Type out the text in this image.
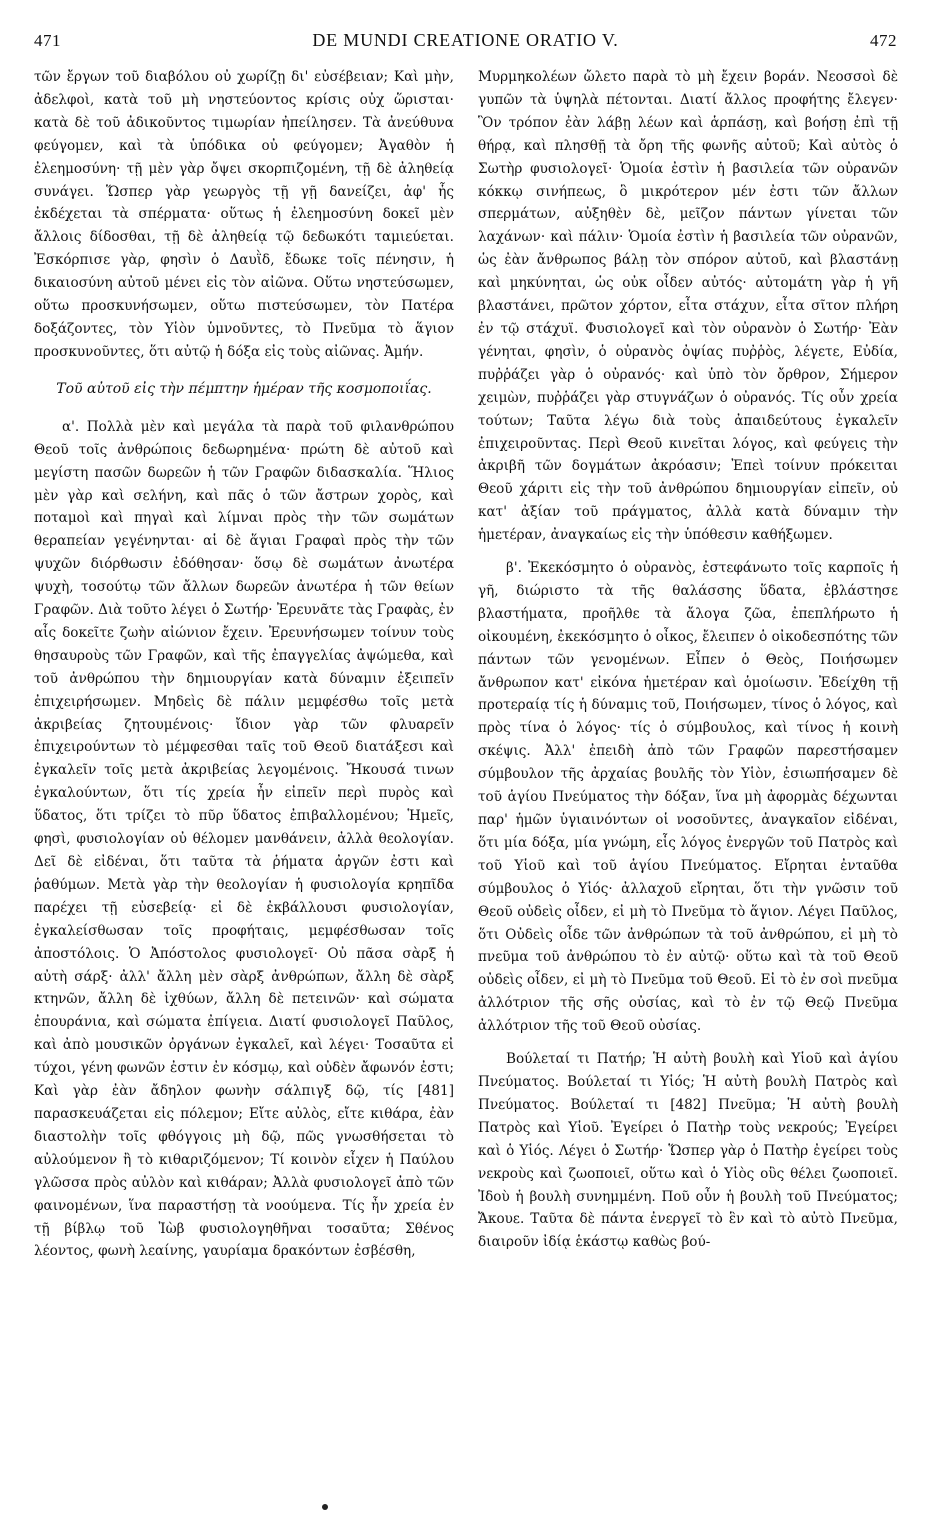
471	DE MUNDI CREATIONE ORATIO V.	472

τῶν ἔργων τοῦ διαβόλου οὐ χωρίζῃ δι' εὐσέβειαν; Καὶ μὴν, ἀδελφοὶ, κατὰ τοῦ μὴ νηστεύοντος κρίσις οὐχ ὥρισται· κατὰ δὲ τοῦ ἀδικοῦντος τιμωρίαν ἠπείλησεν. Τὰ ἀνεύθυνα φεύγομεν, καὶ τὰ ὑπόδικα οὐ φεύγομεν; Ἀγαθὸν ἡ ἐλεημοσύνη· τῇ μὲν γὰρ ὄψει σκορπιζομένη, τῇ δὲ ἀληθείᾳ συνάγει. Ὥσπερ γὰρ γεωργὸς τῇ γῇ δανείζει, ἀφ' ἧς ἐκδέχεται τὰ σπέρματα· οὕτως ἡ ἐλεημοσύνη δοκεῖ μὲν ἄλλοις δίδοσθαι, τῇ δὲ ἀληθείᾳ τῷ δεδωκότι ταμιεύεται. Ἐσκόρπισε γὰρ, φησὶν ὁ Δαυῒδ, ἔδωκε τοῖς πένησιν, ἡ δικαιοσύνη αὐτοῦ μένει εἰς τὸν αἰῶνα. Οὕτω νηστεύσωμεν, οὕτω προσκυνήσωμεν, οὕτω πιστεύσωμεν, τὸν Πατέρα δοξάζοντες, τὸν Υἱὸν ὑμνοῦντες, τὸ Πνεῦμα τὸ ἅγιον προσκυνοῦντες, ὅτι αὐτῷ ἡ δόξα εἰς τοὺς αἰῶνας. Ἀμήν.

Τοῦ αὐτοῦ εἰς τὴν πέμπτην ἡμέραν τῆς κοσμοποιΐας.

α'. Πολλὰ μὲν καὶ μεγάλα τὰ παρὰ τοῦ φιλανθρώπου Θεοῦ τοῖς ἀνθρώποις δεδωρημένα· πρώτη δὲ αὐτοῦ καὶ μεγίστη πασῶν δωρεῶν ἡ τῶν Γραφῶν διδασκαλία. Ἥλιος μὲν γὰρ καὶ σελήνη, καὶ πᾶς ὁ τῶν ἄστρων χορὸς, καὶ ποταμοὶ καὶ πηγαὶ καὶ λίμναι πρὸς τὴν τῶν σωμάτων θεραπείαν γεγένηνται· αἱ δὲ ἅγιαι Γραφαὶ πρὸς τὴν τῶν ψυχῶν διόρθωσιν ἐδόθησαν· ὅσῳ δὲ σωμάτων ἀνωτέρα ψυχὴ, τοσούτῳ τῶν ἄλλων δωρεῶν ἀνωτέρα ἡ τῶν θείων Γραφῶν. Διὰ τοῦτο λέγει ὁ Σωτήρ· Ἐρευνᾶτε τὰς Γραφὰς, ἐν αἷς δοκεῖτε ζωὴν αἰώνιον ἔχειν. Ἐρευνήσωμεν τοίνυν τοὺς θησαυροὺς τῶν Γραφῶν, καὶ τῆς ἐπαγγελίας ἀψώμεθα, καὶ τοῦ ἀνθρώπου τὴν δημιουργίαν κατὰ δύναμιν ἐξειπεῖν ἐπιχειρήσωμεν. Μηδεὶς δὲ πάλιν μεμφέσθω τοῖς μετὰ ἀκριβείας ζητουμένοις· ἴδιον γὰρ τῶν φλυαρεῖν ἐπιχειρούντων τὸ μέμφεσθαι ταῖς τοῦ Θεοῦ διατάξεσι καὶ ἐγκαλεῖν τοῖς μετὰ ἀκριβείας λεγομένοις. Ἤκουσά τινων ἐγκαλούντων, ὅτι τίς χρεία ἦν εἰπεῖν περὶ πυρὸς καὶ ὕδατος, ὅτι τρίζει τὸ πῦρ ὕδατος ἐπιβαλλομένου; Ἡμεῖς, φησὶ, φυσιολογίαν οὐ θέλομεν μανθάνειν, ἀλλὰ θεολογίαν. Δεῖ δὲ εἰδέναι, ὅτι ταῦτα τὰ ῥήματα ἀργῶν ἐστι καὶ ῥαθύμων. Μετὰ γὰρ τὴν θεολογίαν ἡ φυσιολογία κρηπῖδα παρέχει τῇ εὐσεβείᾳ· εἰ δὲ ἐκβάλλουσι φυσιολογίαν, ἐγκαλείσθωσαν τοῖς προφήταις, μεμφέσθωσαν τοῖς ἀποστόλοις. Ὁ Ἀπόστολος φυσιολογεῖ· Οὐ πᾶσα σὰρξ ἡ αὐτὴ σάρξ· ἀλλ' ἄλλη μὲν σὰρξ ἀνθρώπων, ἄλλη δὲ σὰρξ κτηνῶν, ἄλλη δὲ ἰχθύων, ἄλλη δὲ πετεινῶν· καὶ σώματα ἐπουράνια, καὶ σώματα ἐπίγεια. Διατί φυσιολογεῖ Παῦλος, καὶ ἀπὸ μουσικῶν ὀργάνων ἐγκαλεῖ, καὶ λέγει· Τοσαῦτα εἰ τύχοι, γένη φωνῶν ἐστιν ἐν κόσμῳ, καὶ οὐδὲν ἄφωνόν ἐστι; Καὶ γὰρ ἐὰν ἄδηλον φωνὴν σάλπιγξ δῷ, τίς [481] παρασκευάζεται εἰς πόλεμον; Εἴτε αὐλὸς, εἴτε κιθάρα, ἐὰν διαστολὴν τοῖς φθόγγοις μὴ δῷ, πῶς γνωσθήσεται τὸ αὐλούμενον ἢ τὸ κιθαριζόμενον; Τί κοινὸν εἶχεν ἡ Παύλου γλῶσσα πρὸς αὐλὸν καὶ κιθάραν; Ἀλλὰ φυσιολογεῖ ἀπὸ τῶν φαινομένων, ἵνα παραστήσῃ τὰ νοούμενα. Τίς ἦν χρεία ἐν τῇ βίβλῳ τοῦ Ἰὼβ φυσιολογηθῆναι τοσαῦτα; Σθένος λέοντος, φωνὴ λεαίνης, γαυρίαμα δρακόντων ἐσβέσθη,

Μυρμηκολέων ὤλετο παρὰ τὸ μὴ ἔχειν βοράν. Νεοσσοὶ δὲ γυπῶν τὰ ὑψηλὰ πέτονται. Διατί ἄλλος προφήτης ἔλεγεν· Ὃν τρόπον ἐὰν λάβῃ λέων καὶ ἁρπάσῃ, καὶ βοήσῃ ἐπὶ τῇ θήρᾳ, καὶ πλησθῇ τὰ ὄρη τῆς φωνῆς αὐτοῦ; Καὶ αὐτὸς ὁ Σωτὴρ φυσιολογεῖ· Ὁμοία ἐστὶν ἡ βασιλεία τῶν οὐρανῶν κόκκῳ σινήπεως, ὃ μικρότερον μέν ἐστι τῶν ἄλλων σπερμάτων, αὐξηθὲν δὲ, μεῖζον πάντων γίνεται τῶν λαχάνων· καὶ πάλιν· Ὁμοία ἐστὶν ἡ βασιλεία τῶν οὐρανῶν, ὡς ἐὰν ἄνθρωπος βάλῃ τὸν σπόρον αὐτοῦ, καὶ βλαστάνῃ καὶ μηκύνηται, ὡς οὐκ οἶδεν αὐτός· αὐτομάτη γὰρ ἡ γῆ βλαστάνει, πρῶτον χόρτον, εἶτα στάχυν, εἶτα σῖτον πλήρη ἐν τῷ στάχυϊ. Φυσιολογεῖ καὶ τὸν οὐρανὸν ὁ Σωτήρ· Ἐὰν γένηται, φησὶν, ὁ οὐρανὸς ὀψίας πυῤῥὸς, λέγετε, Εὐδία, πυῤῥάζει γὰρ ὁ οὐρανός· καὶ ὑπὸ τὸν ὄρθρον, Σήμερον χειμὼν, πυῤῥάζει γὰρ στυγνάζων ὁ οὐρανός. Τίς οὖν χρεία τούτων; Ταῦτα λέγω διὰ τοὺς ἀπαιδεύτους ἐγκαλεῖν ἐπιχειροῦντας. Περὶ Θεοῦ κινεῖται λόγος, καὶ φεύγεις τὴν ἀκριβῆ τῶν δογμάτων ἀκρόασιν; Ἐπεὶ τοίνυν πρόκειται Θεοῦ χάριτι εἰς τὴν τοῦ ἀνθρώπου δημιουργίαν εἰπεῖν, οὐ κατ' ἀξίαν τοῦ πράγματος, ἀλλὰ κατὰ δύναμιν τὴν ἡμετέραν, ἀναγκαίως εἰς τὴν ὑπόθεσιν καθήξωμεν.

β'. Ἐκεκόσμητο ὁ οὐρανὸς, ἐστεφάνωτο τοῖς καρποῖς ἡ γῆ, διώριστο τὰ τῆς θαλάσσης ὕδατα, ἐβλάστησε βλαστήματα, προῆλθε τὰ ἄλογα ζῶα, ἐπεπλήρωτο ἡ οἰκουμένη, ἐκεκόσμητο ὁ οἶκος, ἔλειπεν ὁ οἰκοδεσπότης τῶν πάντων τῶν γενομένων. Εἶπεν ὁ Θεὸς, Ποιήσωμεν ἄνθρωπον κατ' εἰκόνα ἡμετέραν καὶ ὁμοίωσιν. Ἐδείχθη τῇ προτεραίᾳ τίς ἡ δύναμις τοῦ, Ποιήσωμεν, τίνος ὁ λόγος, καὶ πρὸς τίνα ὁ λόγος· τίς ὁ σύμβουλος, καὶ τίνος ἡ κοινὴ σκέψις. Ἀλλ' ἐπειδὴ ἀπὸ τῶν Γραφῶν παρεστήσαμεν σύμβουλον τῆς ἀρχαίας βουλῆς τὸν Υἱὸν, ἐσιωπήσαμεν δὲ τοῦ ἁγίου Πνεύματος τὴν δόξαν, ἵνα μὴ ἀφορμὰς δέχωνται παρ' ἡμῶν ὑγιαινόντων οἱ νοσοῦντες, ἀναγκαῖον εἰδέναι, ὅτι μία δόξα, μία γνώμη, εἷς λόγος ἐνεργῶν τοῦ Πατρὸς καὶ τοῦ Υἱοῦ καὶ τοῦ ἁγίου Πνεύματος. Εἴρηται ἐνταῦθα σύμβουλος ὁ Υἱός· ἀλλαχοῦ εἴρηται, ὅτι τὴν γνῶσιν τοῦ Θεοῦ οὐδεὶς οἶδεν, εἰ μὴ τὸ Πνεῦμα τὸ ἅγιον. Λέγει Παῦλος, ὅτι Οὐδεὶς οἶδε τῶν ἀνθρώπων τὰ τοῦ ἀνθρώπου, εἰ μὴ τὸ πνεῦμα τοῦ ἀνθρώπου τὸ ἐν αὐτῷ· οὕτω καὶ τὰ τοῦ Θεοῦ οὐδεὶς οἶδεν, εἰ μὴ τὸ Πνεῦμα τοῦ Θεοῦ. Εἰ τὸ ἐν σοὶ πνεῦμα ἀλλότριον τῆς σῆς οὐσίας, καὶ τὸ ἐν τῷ Θεῷ Πνεῦμα ἀλλότριον τῆς τοῦ Θεοῦ οὐσίας.

Βούλεταί τι Πατήρ; Ἡ αὐτὴ βουλὴ καὶ Υἱοῦ καὶ ἁγίου Πνεύματος. Βούλεταί τι Υἱός; Ἡ αὐτὴ βουλὴ Πατρὸς καὶ Πνεύματος. Βούλεταί τι [482] Πνεῦμα; Ἡ αὐτὴ βουλὴ Πατρὸς καὶ Υἱοῦ. Ἐγείρει ὁ Πατὴρ τοὺς νεκρούς; Ἐγείρει καὶ ὁ Υἱός. Λέγει ὁ Σωτήρ· Ὥσπερ γὰρ ὁ Πατὴρ ἐγείρει τοὺς νεκροὺς καὶ ζωοποιεῖ, οὕτω καὶ ὁ Υἱὸς οὓς θέλει ζωοποιεῖ. Ἰδοὺ ἡ βουλὴ συνημμένη. Ποῦ οὖν ἡ βουλὴ τοῦ Πνεύματος; Ἄκουε. Ταῦτα δὲ πάντα ἐνεργεῖ τὸ ἓν καὶ τὸ αὐτὸ Πνεῦμα, διαιροῦν ἰδίᾳ ἑκάστῳ καθὼς βού-
